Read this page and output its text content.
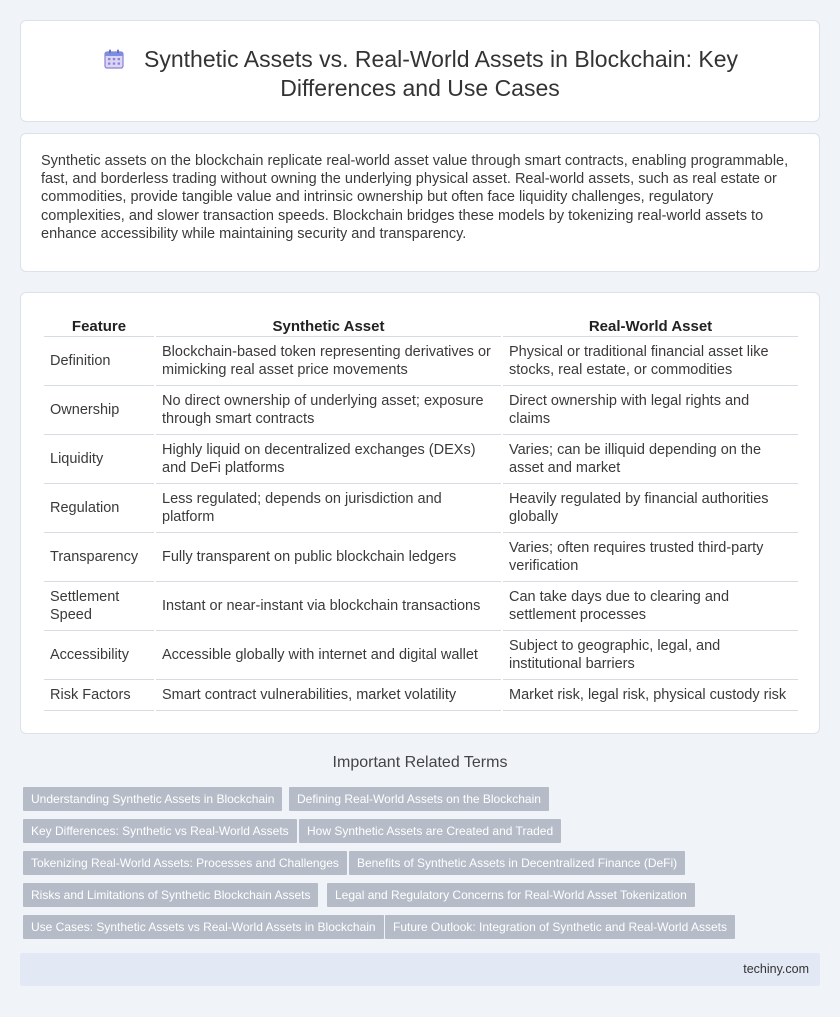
Synthetic Assets vs. Real-World Assets in Blockchain: Key Differences and Use Cases

Synthetic assets on the blockchain replicate real-world asset value through smart contracts, enabling programmable, fast, and borderless trading without owning the underlying physical asset. Real-world assets, such as real estate or commodities, provide tangible value and intrinsic ownership but often face liquidity challenges, regulatory complexities, and slower transaction speeds. Blockchain bridges these models by tokenizing real-world assets to enhance accessibility while maintaining security and transparency.

Feature	Synthetic Asset	Real-World Asset
Definition	Blockchain-based token representing derivatives or mimicking real asset price movements	Physical or traditional financial asset like stocks, real estate, or commodities
Ownership	No direct ownership of underlying asset; exposure through smart contracts	Direct ownership with legal rights and claims
Liquidity	Highly liquid on decentralized exchanges (DEXs) and DeFi platforms	Varies; can be illiquid depending on the asset and market
Regulation	Less regulated; depends on jurisdiction and platform	Heavily regulated by financial authorities globally
Transparency	Fully transparent on public blockchain ledgers	Varies; often requires trusted third-party verification
Settlement Speed	Instant or near-instant via blockchain transactions	Can take days due to clearing and settlement processes
Accessibility	Accessible globally with internet and digital wallet	Subject to geographic, legal, and institutional barriers
Risk Factors	Smart contract vulnerabilities, market volatility	Market risk, legal risk, physical custody risk
Important Related Terms
Understanding Synthetic Assets in Blockchain	Defining Real-World Assets on the Blockchain
Key Differences: Synthetic vs Real-World Assets	How Synthetic Assets are Created and Traded
Tokenizing Real-World Assets: Processes and Challenges	Benefits of Synthetic Assets in Decentralized Finance (DeFi)
Risks and Limitations of Synthetic Blockchain Assets	Legal and Regulatory Concerns for Real-World Asset Tokenization
Use Cases: Synthetic Assets vs Real-World Assets in Blockchain	Future Outlook: Integration of Synthetic and Real-World Assets
techiny.com
